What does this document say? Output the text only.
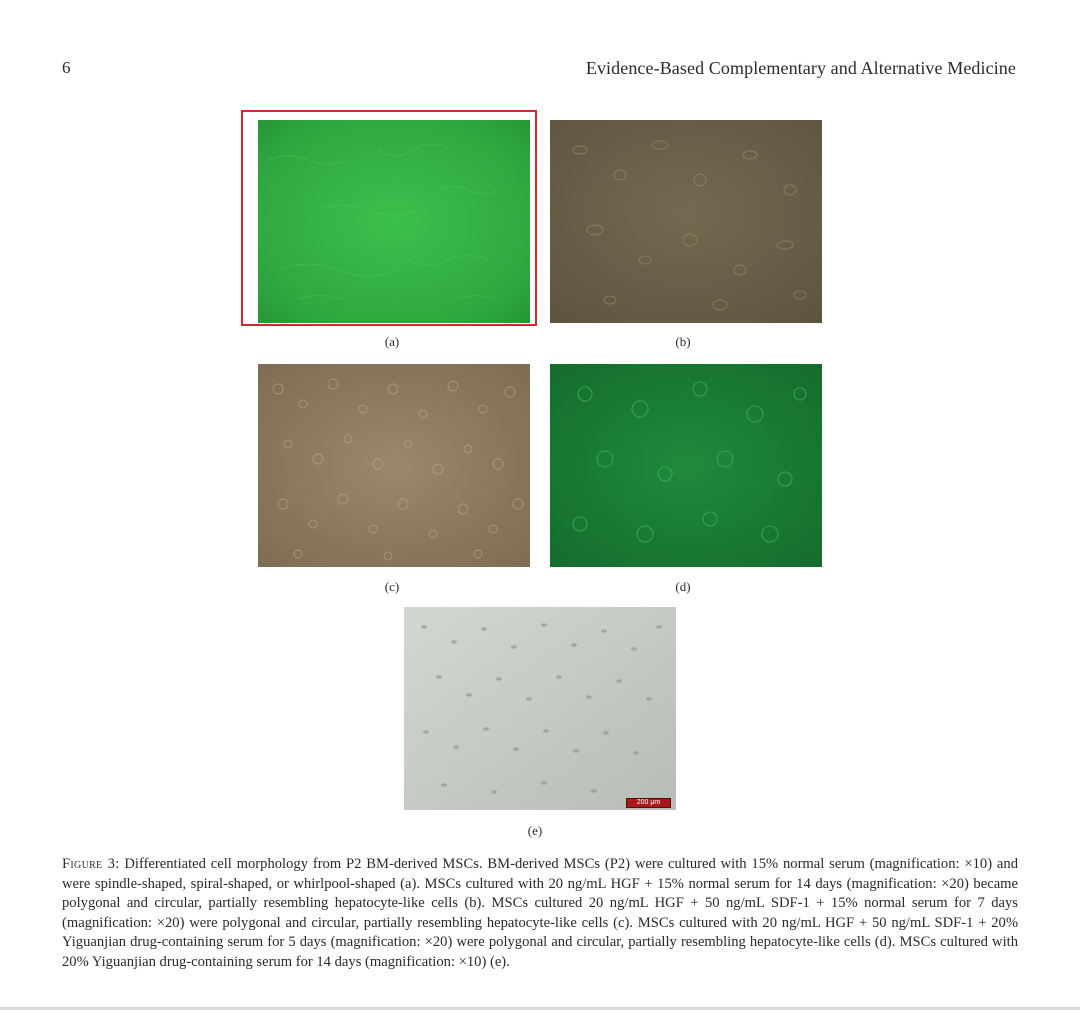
6	Evidence-Based Complementary and Alternative Medicine
200 μm
(a)	(b)
(c)	(d)
(e)
Figure 3: Differentiated cell morphology from P2 BM-derived MSCs. BM-derived MSCs (P2) were cultured with 15% normal serum (magnification: ×10) and were spindle-shaped, spiral-shaped, or whirlpool-shaped (a). MSCs cultured with 20 ng/mL HGF + 15% normal serum for 14 days (magnification: ×20) became polygonal and circular, partially resembling hepatocyte-like cells (b). MSCs cultured 20 ng/mL HGF + 50 ng/mL SDF-1 + 15% normal serum for 7 days (magnification: ×20) were polygonal and circular, partially resembling hepatocyte-like cells (c). MSCs cultured with 20 ng/mL HGF + 50 ng/mL SDF-1 + 20% Yiguanjian drug-containing serum for 5 days (magnification: ×20) were polygonal and circular, partially resembling hepatocyte-like cells (d). MSCs cultured with 20% Yiguanjian drug-containing serum for 14 days (magnification: ×10) (e).
